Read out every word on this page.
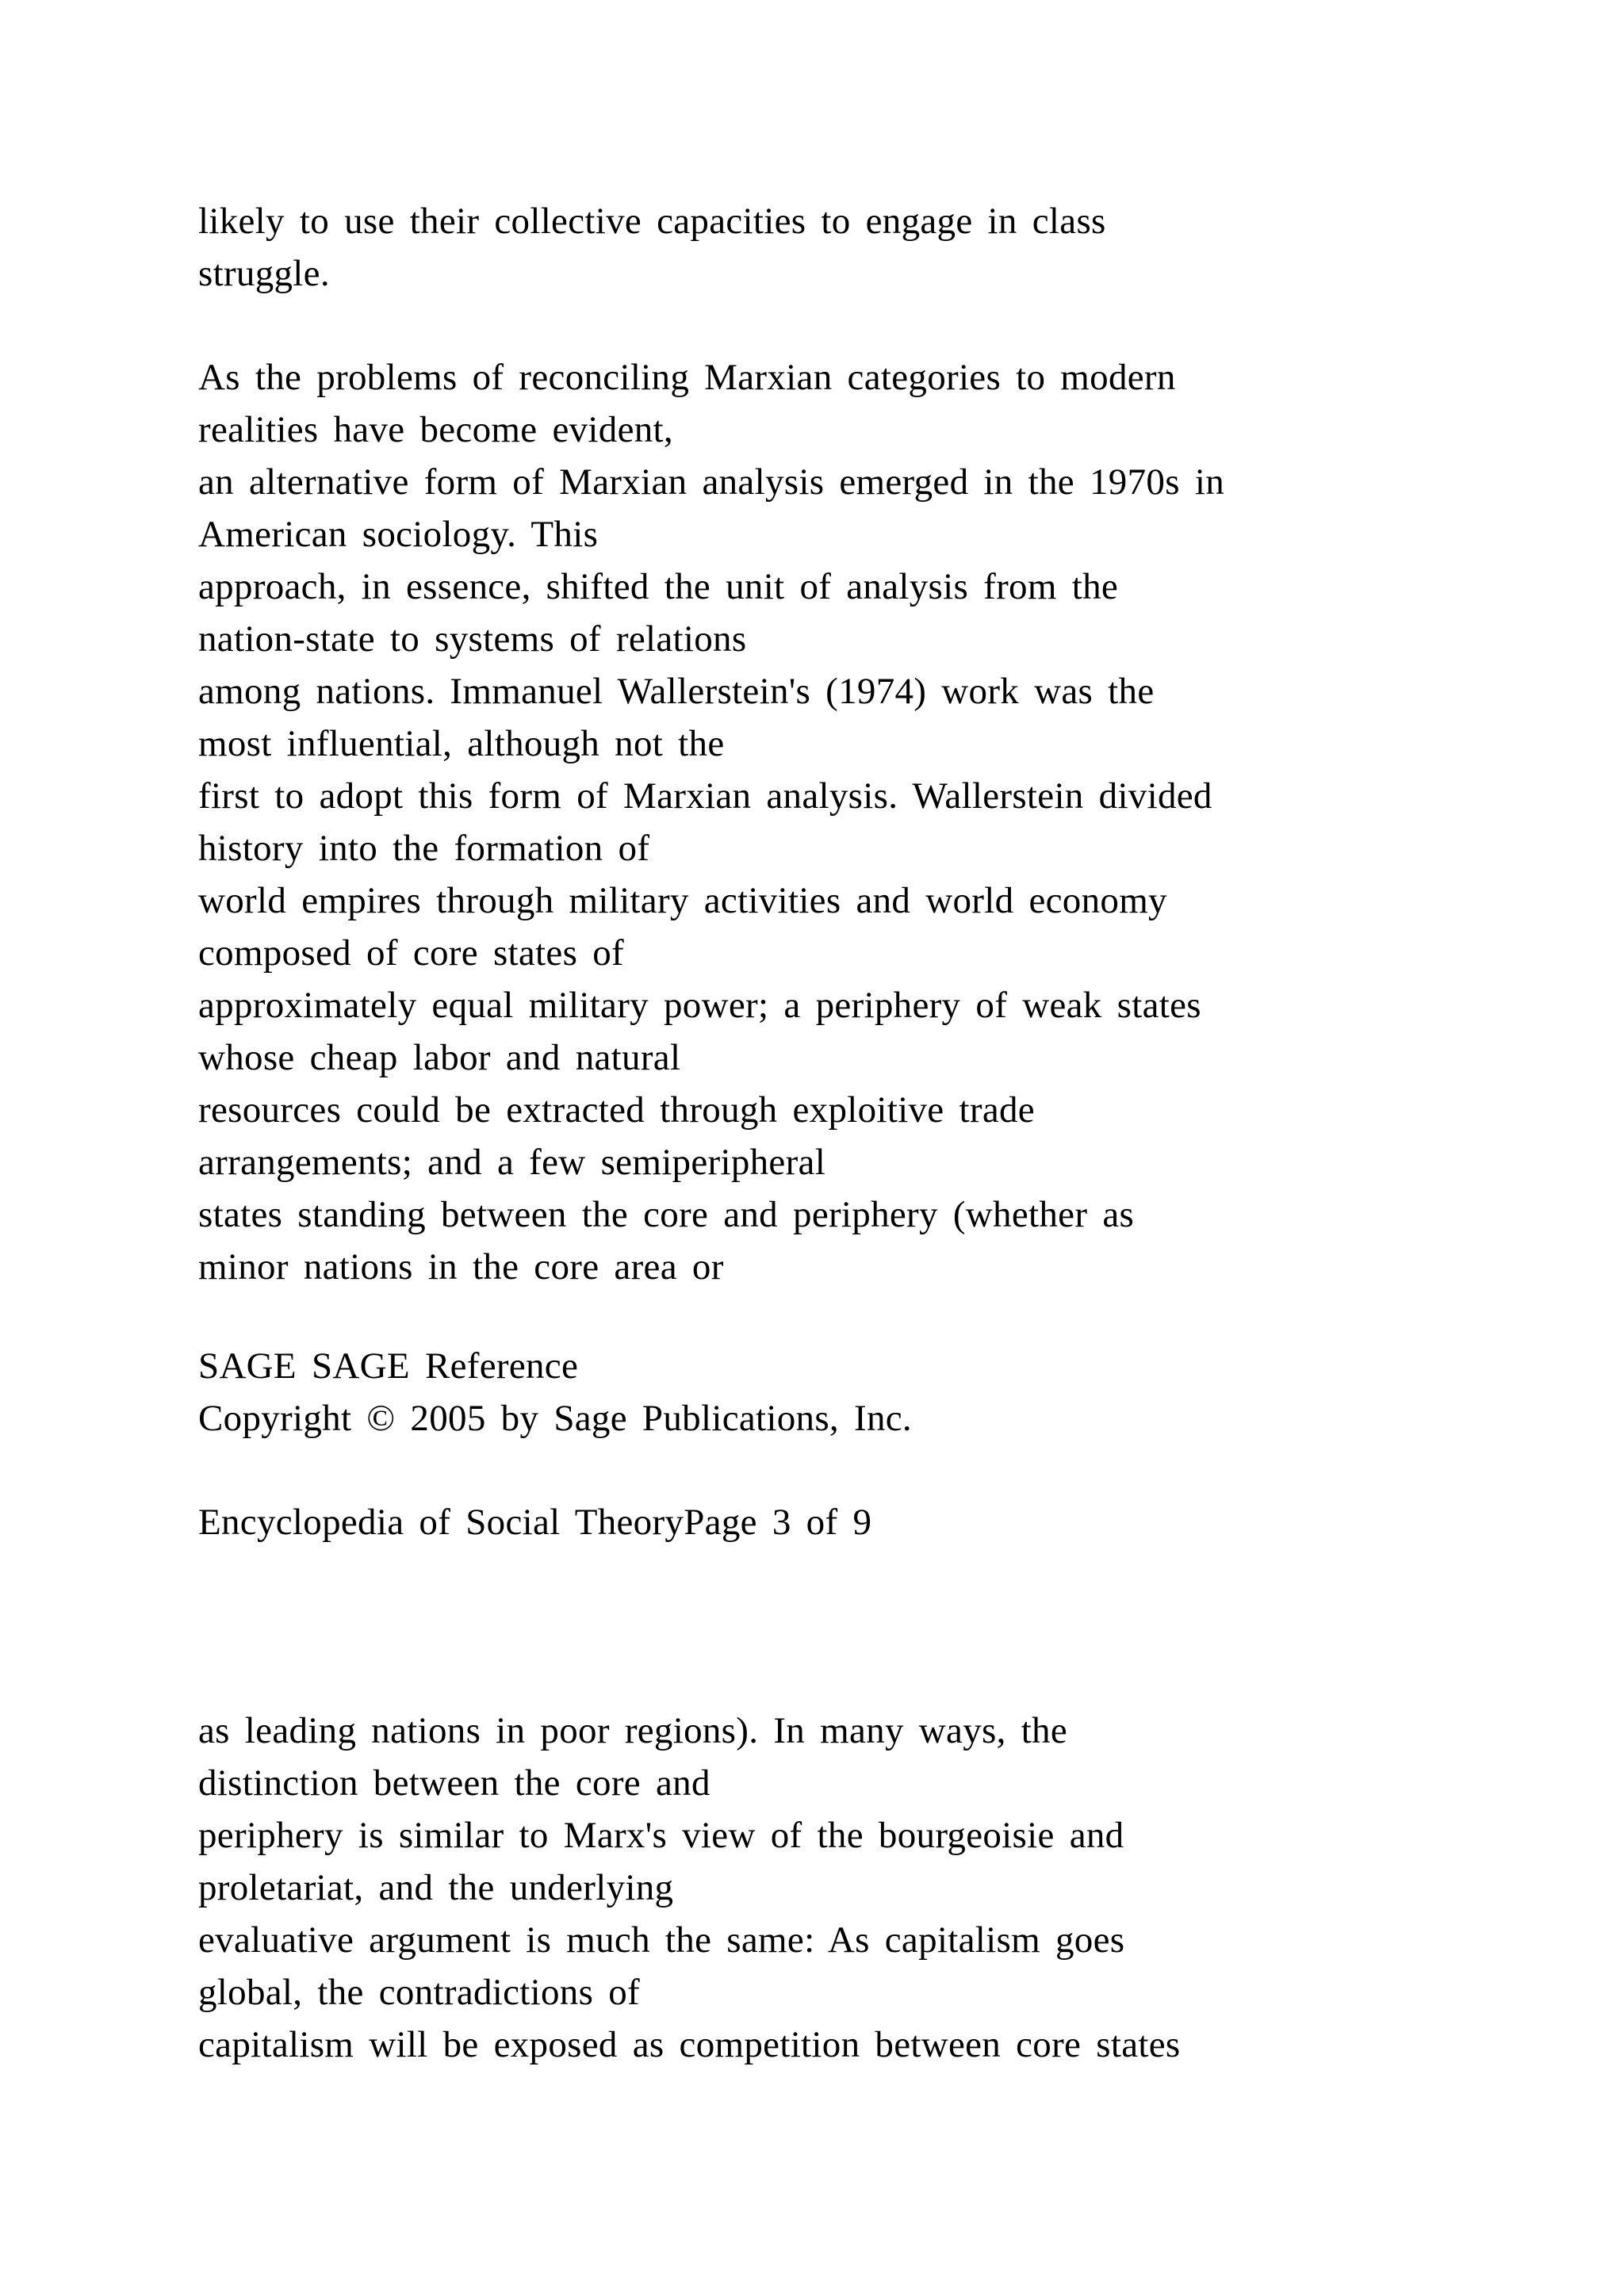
likely to use their collective capacities to engage in class
struggle.
As the problems of reconciling Marxian categories to modern
realities have become evident,
an alternative form of Marxian analysis emerged in the 1970s in
American sociology. This
approach, in essence, shifted the unit of analysis from the
nation-state to systems of relations
among nations. Immanuel Wallerstein's (1974) work was the
most influential, although not the
first to adopt this form of Marxian analysis. Wallerstein divided
history into the formation of
world empires through military activities and world economy
composed of core states of
approximately equal military power; a periphery of weak states
whose cheap labor and natural
resources could be extracted through exploitive trade
arrangements; and a few semiperipheral
states standing between the core and periphery (whether as
minor nations in the core area or
SAGE SAGE Reference
Copyright © 2005 by Sage Publications, Inc.
Encyclopedia of Social TheoryPage 3 of 9
as leading nations in poor regions). In many ways, the
distinction between the core and
periphery is similar to Marx's view of the bourgeoisie and
proletariat, and the underlying
evaluative argument is much the same: As capitalism goes
global, the contradictions of
capitalism will be exposed as competition between core states
